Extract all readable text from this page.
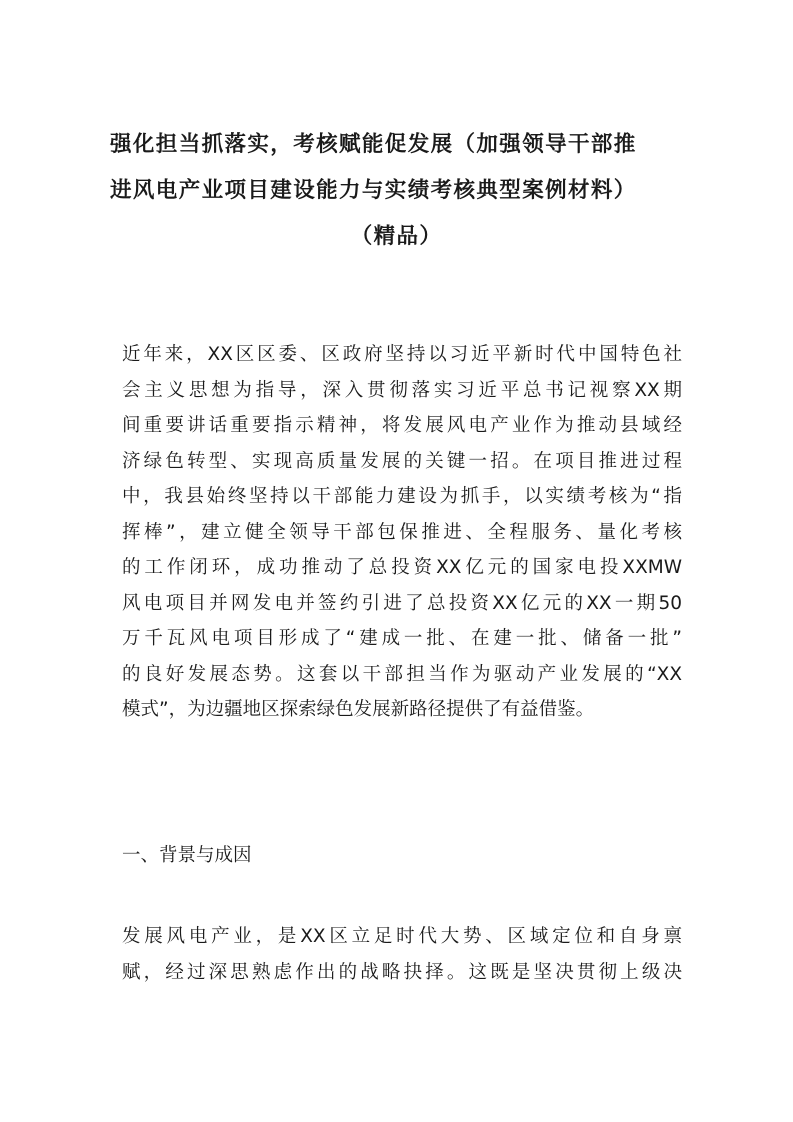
强化担当抓落实，考核赋能促发展（加强领导干部推
进风电产业项目建设能力与实绩考核典型案例材料）
（精品）
近年来，XX区区委、区政府坚持以习近平新时代中国特色社
会主义思想为指导，深入贯彻落实习近平总书记视察XX期
间重要讲话重要指示精神，将发展风电产业作为推动县域经
济绿色转型、实现高质量发展的关键一招。在项目推进过程
中，我县始终坚持以干部能力建设为抓手，以实绩考核为“指
挥棒”，建立健全领导干部包保推进、全程服务、量化考核
的工作闭环，成功推动了总投资XX亿元的国家电投XXMW
风电项目并网发电并签约引进了总投资XX亿元的XX一期50
万千瓦风电项目形成了“建成一批、在建一批、储备一批”
的良好发展态势。这套以干部担当作为驱动产业发展的“XX
模式”，为边疆地区探索绿色发展新路径提供了有益借鉴。
一、背景与成因
发展风电产业，是XX区立足时代大势、区域定位和自身禀
赋，经过深思熟虑作出的战略抉择。这既是坚决贯彻上级决
